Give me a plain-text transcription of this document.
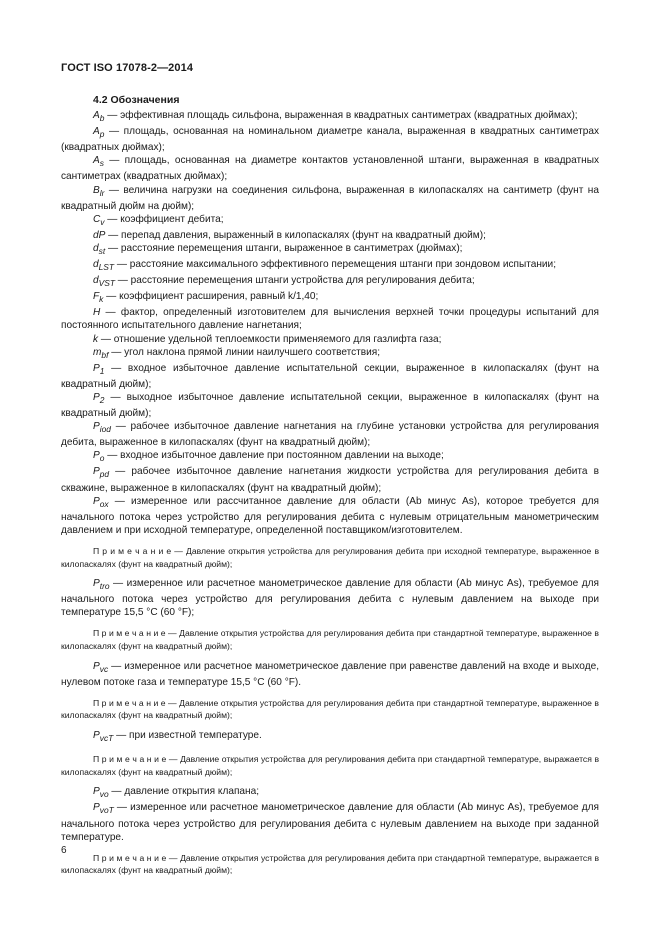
ГОСТ ISO 17078-2—2014
4.2 Обозначения

$A_b$ — эффективная площадь сильфона, выраженная в квадратных сантиметрах (квадратных дюймах);

$A_p$ — площадь, основанная на номинальном диаметре канала, выраженная в квадратных сантиметрах (квадратных дюймах);

$A_s$ — площадь, основанная на диаметре контактов установленной штанги, выраженная в квадратных сантиметрах (квадратных дюймах);

$B_{lr}$ — величина нагрузки на соединения сильфона, выраженная в килопаскалях на сантиметр (фунт на квадратный дюйм на дюйм);

$C_v$ — коэффициент дебита;

dP — перепад давления, выраженный в килопаскалях (фунт на квадратный дюйм);

$d_{st}$ — расстояние перемещения штанги, выраженное в сантиметрах (дюймах);

$d_{LST}$ — расстояние максимального эффективного перемещения штанги при зондовом испытании;

$d_{VST}$ — расстояние перемещения штанги устройства для регулирования дебита;

$F_k$ — коэффициент расширения, равный k/1,40;

H — фактор, определенный изготовителем для вычисления верхней точки процедуры испытаний для постоянного испытательного давление нагнетания;

k — отношение удельной теплоемкости применяемого для газлифта газа;

$m_{bf}$ — угол наклона прямой линии наилучшего соответствия;

$P_1$ — входное избыточное давление испытательной секции, выраженное в килопаскалях (фунт на квадратный дюйм);

$P_2$ — выходное избыточное давление испытательной секции, выраженное в килопаскалях (фунт на квадратный дюйм);

$P_{iod}$ — рабочее избыточное давление нагнетания на глубине установки устройства для регулирования дебита, выраженное в килопаскалях (фунт на квадратный дюйм);

$P_o$ — входное избыточное давление при постоянном давлении на выходе;

$P_{pd}$ — рабочее избыточное давление нагнетания жидкости устройства для регулирования дебита в скважине, выраженное в килопаскалях (фунт на квадратный дюйм);

$P_{ox}$ — измеренное или рассчитанное давление для области (Ab минус As), которое требуется для начального потока через устройство для регулирования дебита с нулевым отрицательным манометрическим давлением и при исходной температуре, определенной поставщиком/изготовителем.

П р и м е ч а н и е — Давление открытия устройства для регулирования дебита при исходной температуре, выраженное в килопаскалях (фунт на квадратный дюйм);

$P_{tro}$ — измеренное или расчетное манометрическое давление для области (Ab минус As), требуемое для начального потока через устройство для регулирования дебита с нулевым давлением на выходе при температуре 15,5 °С (60 °F);

П р и м е ч а н и е — Давление открытия устройства для регулирования дебита при стандартной температуре, выраженное в килопаскалях (фунт на квадратный дюйм);

$P_{vc}$ — измеренное или расчетное манометрическое давление при равенстве давлений на входе и выходе, нулевом потоке газа и температуре 15,5 °С (60 °F).

П р и м е ч а н и е — Давление открытия устройства для регулирования дебита при стандартной температуре, выраженное в килопаскалях (фунт на квадратный дюйм);

$P_{vcT}$ — при известной температуре.

П р и м е ч а н и е — Давление открытия устройства для регулирования дебита при стандартной температуре, выражается в килопаскалях (фунт на квадратный дюйм);

$P_{vo}$ — давление открытия клапана;

$P_{voT}$ — измеренное или расчетное манометрическое давление для области (Ab минус As), требуемое для начального потока через устройство для регулирования дебита с нулевым давлением на выходе при заданной температуре.

П р и м е ч а н и е — Давление открытия устройства для регулирования дебита при стандартной температуре, выражается в килопаскалях (фунт на квадратный дюйм);

6
